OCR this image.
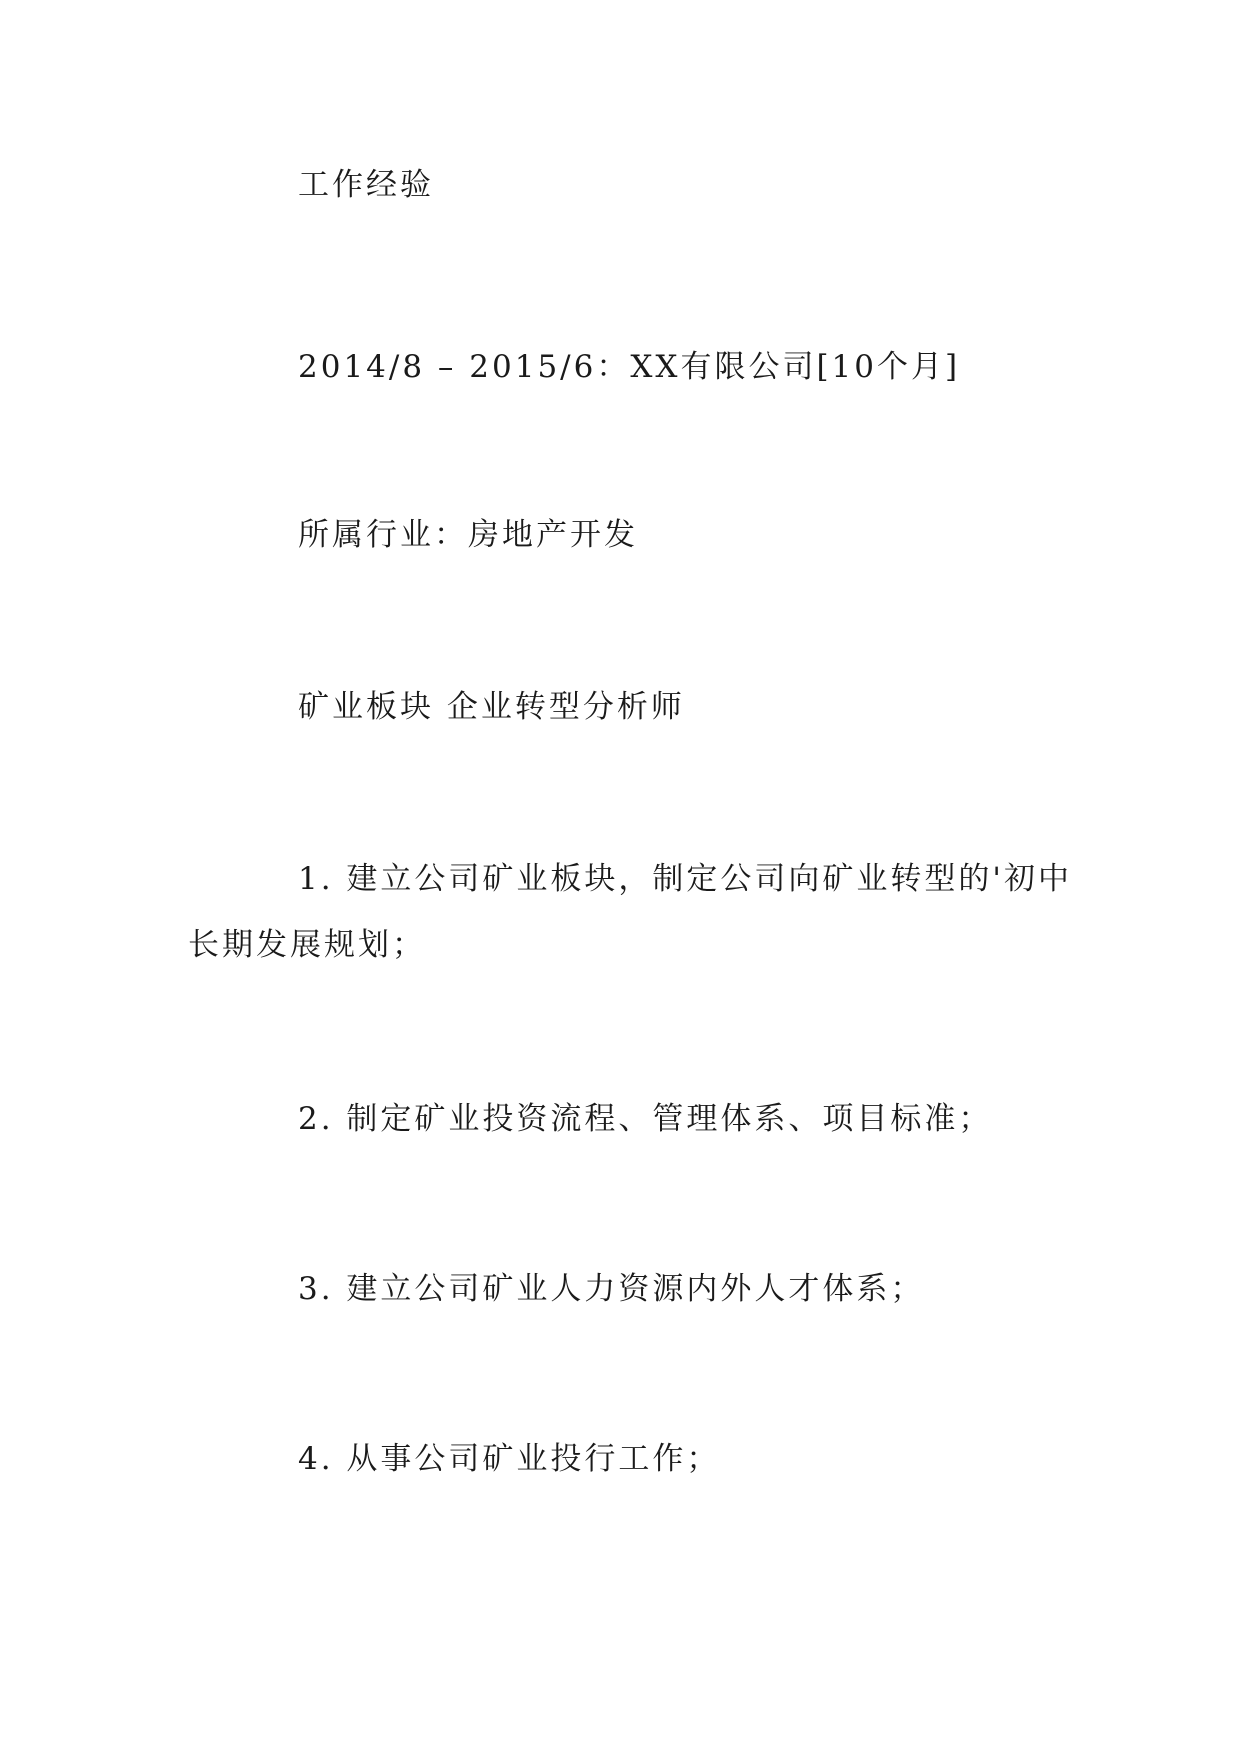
工作经验
2014/8 – 2015/6：XX有限公司[10个月]
所属行业：房地产开发
矿业板块 企业转型分析师
1. 建立公司矿业板块，制定公司向矿业转型的'初中
长期发展规划；
2. 制定矿业投资流程、管理体系、项目标准；
3. 建立公司矿业人力资源内外人才体系；
4. 从事公司矿业投行工作；
